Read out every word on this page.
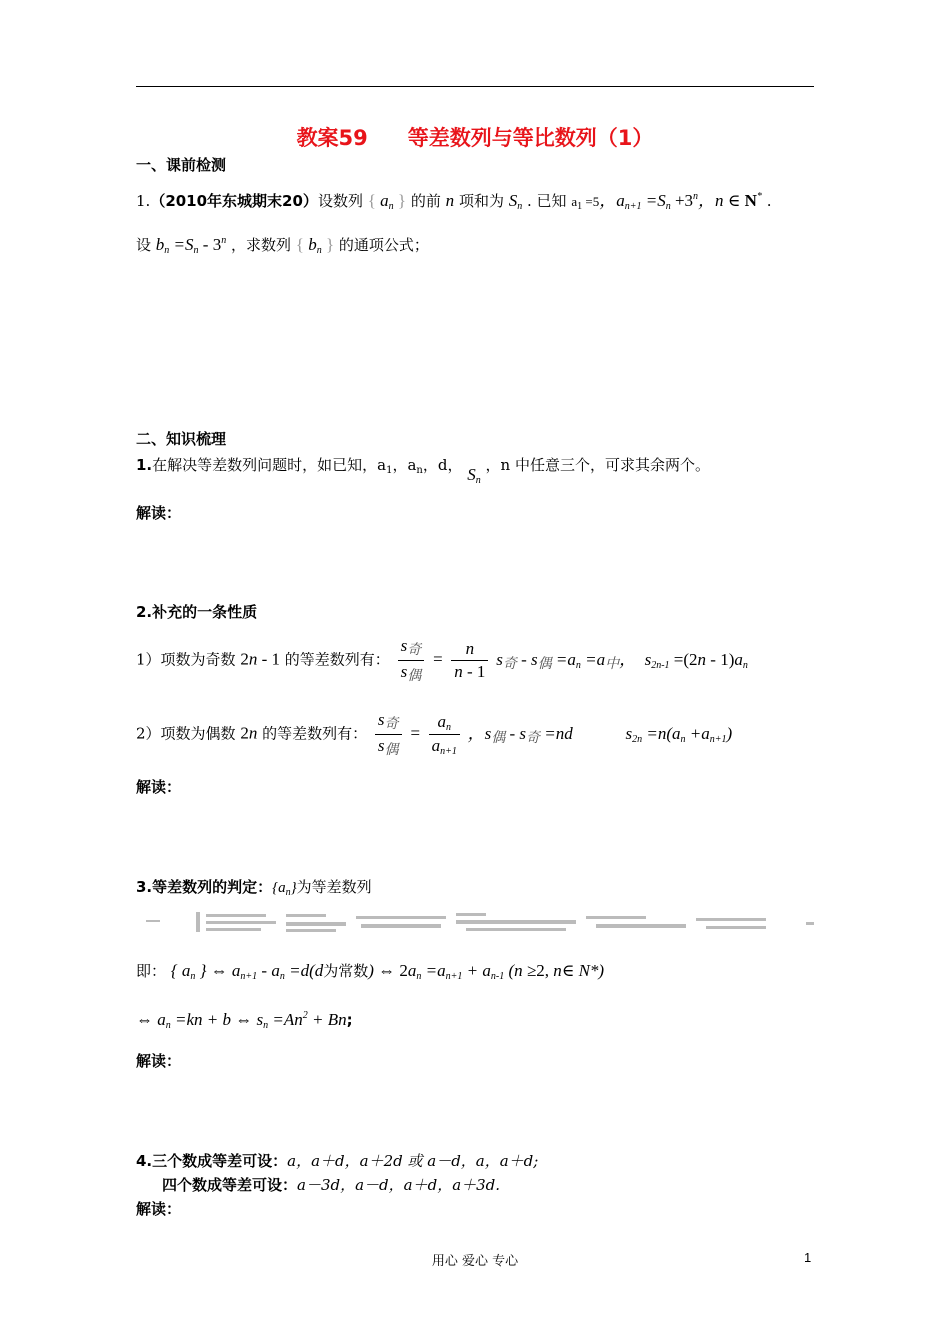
教案59 等差数列与等比数列（1）
一、课前检测
1.（2010年东城期末20）设数列 { an } 的前 n 项和为 Sn . 已知 $a_1 =5$，$an+1 =Sn +3^n$，n ∈ N* .
设 bn =Sn - 3$^n$ ，求数列 { bn } 的通项公式；
二、知识梳理
1.在解决等差数列问题时，如已知，$a_1$，$a_n$，d， Sn ，n 中任意三个，可求其余两个。
解读：
2.补充的一条性质
1）项数为奇数 2n - 1 的等差数列有： $\frac{\text{s奇}}{\text{s偶}} = \frac{n}{n - 1}$ s奇 - s偶 =an =a中，  s2n-1 =(2n - 1)an
2）项数为偶数 2n 的等差数列有： $\frac{\text{s奇}}{\text{s偶}} = \frac{an}{an+1}$ ，s偶 - s奇 =nd	s2n =n(an +an+1)
解读：
3.等差数列的判定：$\{a_n\}$为等差数列
即： { an } ⇔ an+1 - an =d(d为常数) ⇔ 2an =an+1 + an-1 (n ≥2, n∈ N*)
⇔ an =kn + b ⇔ sn $=An^2 + Bn$;
解读：
4.三个数成等差可设：a，a＋d，a＋2d 或 a－d，a，a＋d;
四个数成等差可设：a－3d，a－d，a＋d，a＋3d.
解读：
用心 爱心 专心	1
